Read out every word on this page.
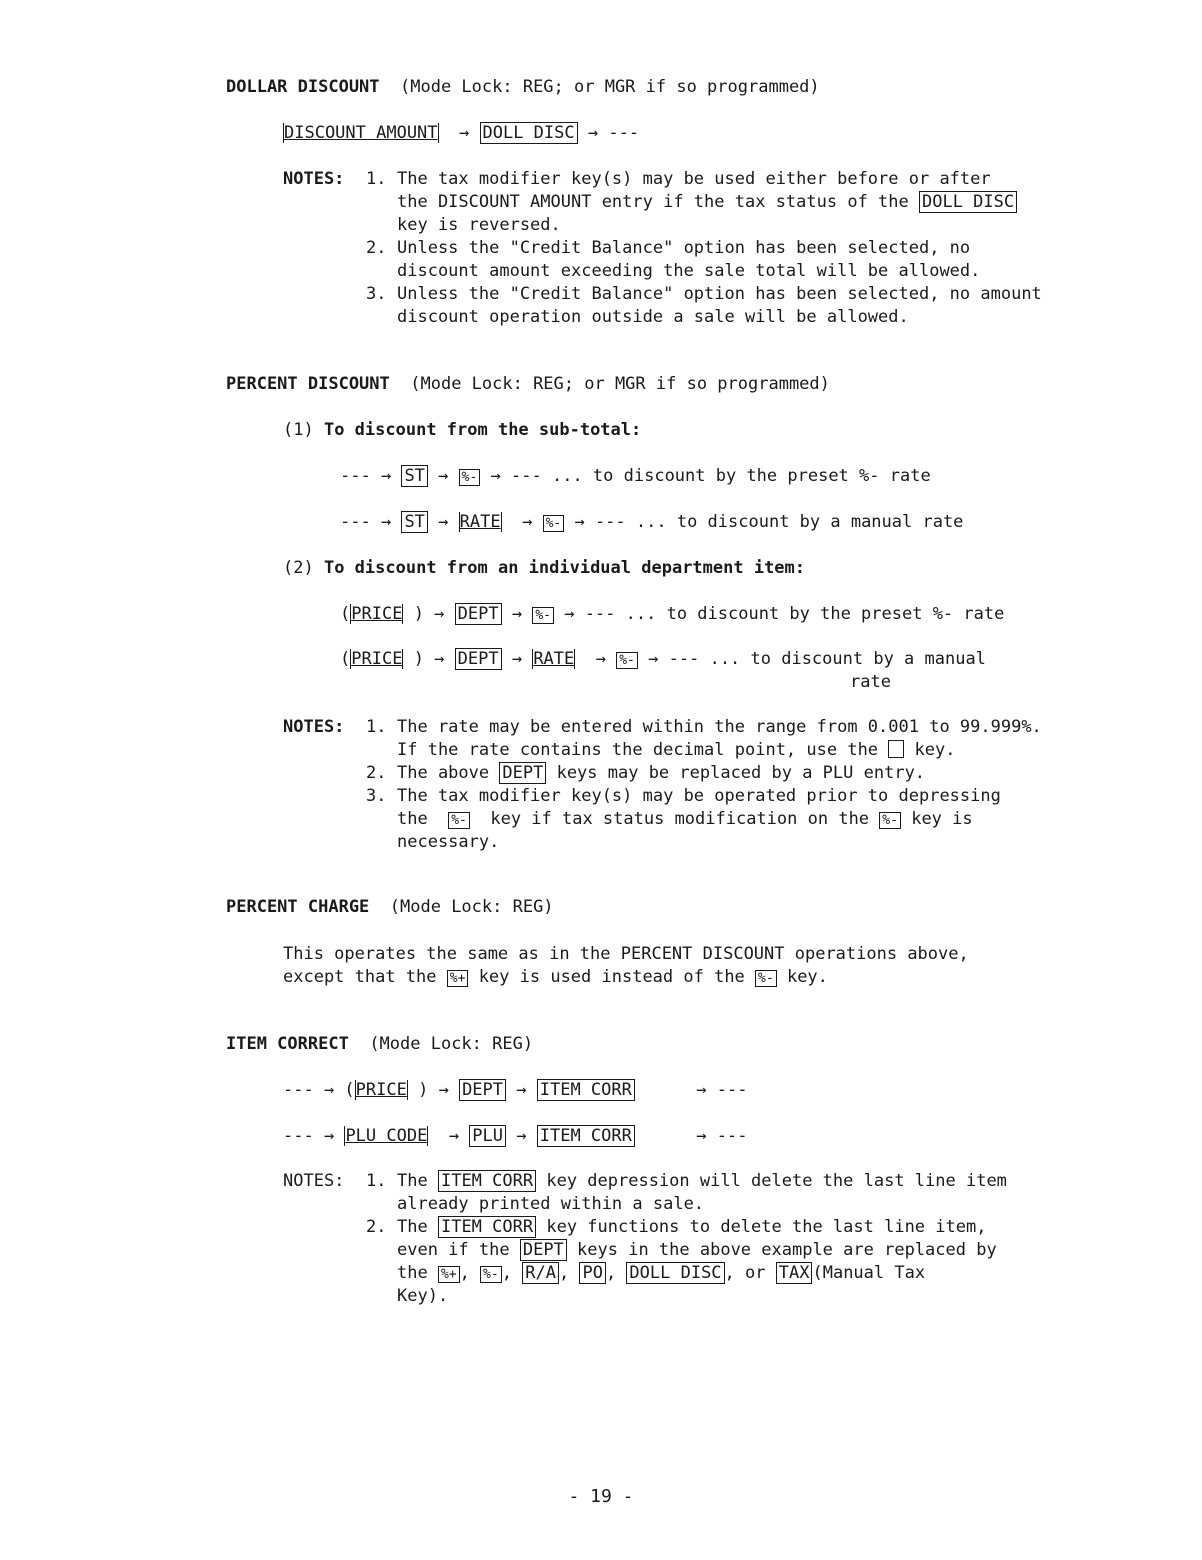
DOLLAR DISCOUNT (Mode Lock: REG; or MGR if so programmed)
DISCOUNT AMOUNT  → DOLL DISC → ---
NOTES: 1. The tax modifier key(s) may be used either before or after
the DISCOUNT AMOUNT entry if the tax status of the DOLL DISC
key is reversed.
2. Unless the "Credit Balance" option has been selected, no
discount amount exceeding the sale total will be allowed.
3. Unless the "Credit Balance" option has been selected, no amount
discount operation outside a sale will be allowed.
PERCENT DISCOUNT (Mode Lock: REG; or MGR if so programmed)
(1) To discount from the sub-total:
--- → ST → %- → --- ... to discount by the preset %- rate
--- → ST → RATE  → %- → --- ... to discount by a manual rate
(2) To discount from an individual department item:
(PRICE ) → DEPT → %- → --- ... to discount by the preset %- rate
(PRICE ) → DEPT → RATE  → %- → --- ... to discount by a manual
rate
NOTES: 1. The rate may be entered within the range from 0.001 to 99.999%.
If the rate contains the decimal point, use the key.
2. The above DEPT keys may be replaced by a PLU entry.
3. The tax modifier key(s) may be operated prior to depressing
the %- key if tax status modification on the %- key is
necessary.
PERCENT CHARGE (Mode Lock: REG)
This operates the same as in the PERCENT DISCOUNT operations above,
except that the %+ key is used instead of the %- key.
ITEM CORRECT (Mode Lock: REG)
--- → (PRICE ) → DEPT → ITEM CORR      → ---
--- → PLU CODE  → PLU → ITEM CORR      → ---
NOTES: 1. The ITEM CORR key depression will delete the last line item
already printed within a sale.
2. The ITEM CORR key functions to delete the last line item,
even if the DEPT keys in the above example are replaced by
the %+ , %- , R/A , PO , DOLL DISC , or TAX (Manual Tax
Key).
- 19 -
